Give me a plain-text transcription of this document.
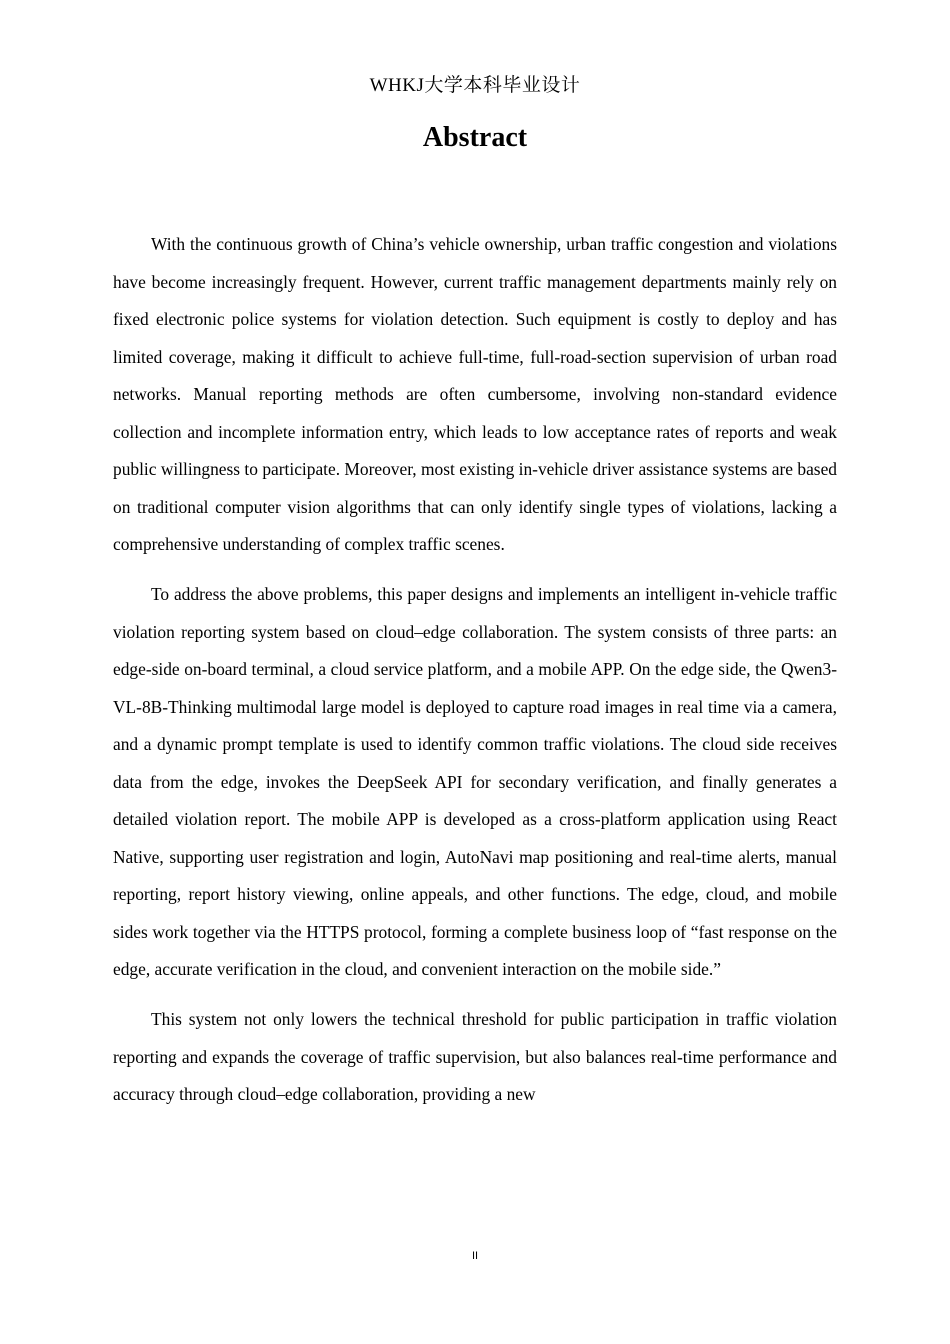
WHKJ大学本科毕业设计
Abstract

With the continuous growth of China’s vehicle ownership, urban traffic congestion and violations have become increasingly frequent. However, current traffic management departments mainly rely on fixed electronic police systems for violation detection. Such equipment is costly to deploy and has limited coverage, making it difficult to achieve full-time, full-road-section supervision of urban road networks. Manual reporting methods are often cumbersome, involving non-standard evidence collection and incomplete information entry, which leads to low acceptance rates of reports and weak public willingness to participate. Moreover, most existing in-vehicle driver assistance systems are based on traditional computer vision algorithms that can only identify single types of violations, lacking a comprehensive understanding of complex traffic scenes.

To address the above problems, this paper designs and implements an intelligent in-vehicle traffic violation reporting system based on cloud–edge collaboration. The system consists of three parts: an edge-side on-board terminal, a cloud service platform, and a mobile APP. On the edge side, the Qwen3-VL-8B-Thinking multimodal large model is deployed to capture road images in real time via a camera, and a dynamic prompt template is used to identify common traffic violations. The cloud side receives data from the edge, invokes the DeepSeek API for secondary verification, and finally generates a detailed violation report. The mobile APP is developed as a cross-platform application using React Native, supporting user registration and login, AutoNavi map positioning and real-time alerts, manual reporting, report history viewing, online appeals, and other functions. The edge, cloud, and mobile sides work together via the HTTPS protocol, forming a complete business loop of “fast response on the edge, accurate verification in the cloud, and convenient interaction on the mobile side.”

This system not only lowers the technical threshold for public participation in traffic violation reporting and expands the coverage of traffic supervision, but also balances real-time performance and accuracy through cloud–edge collaboration, providing a new

II
